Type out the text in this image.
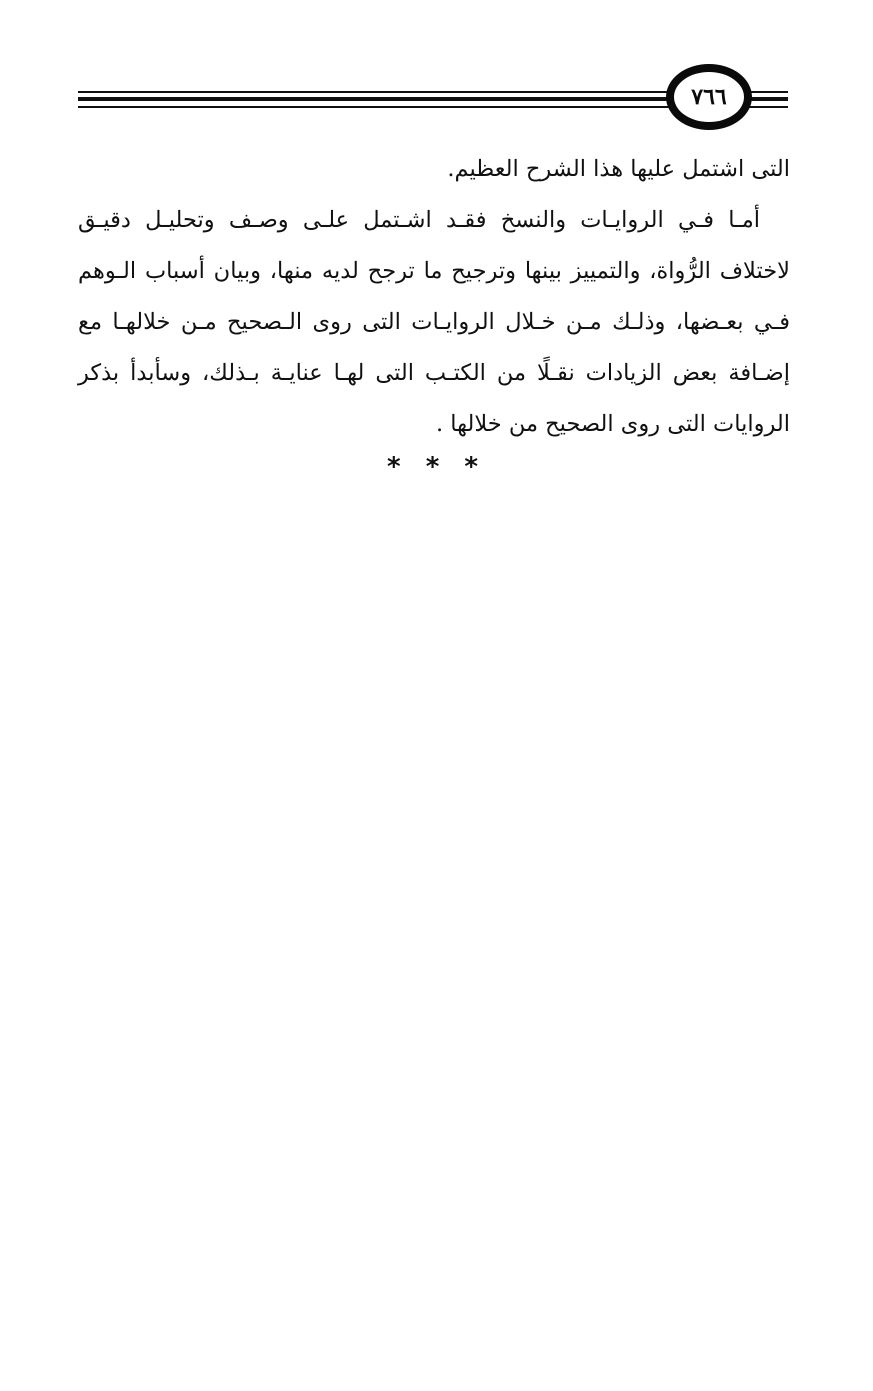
٧٦٦

التى اشتمل عليها هذا الشرح العظيم.

أمـا فـي الروايـات والنسخ فقـد اشـتمل علـى وصـف وتحليـل دقيـق لاختلاف الرُّواة، والتمييز بينها وترجيح ما ترجح لديه منها، وبيان أسباب الـوهم فـي بعـضها، وذلـك مـن خـلال الروايـات التى روى الـصحيح مـن خلالهـا مع إضـافة بعض الزيادات نقـلًا من الكتـب التى لهـا عنايـة بـذلك، وسأبدأ بذكر الروايات التى روى الصحيح من خلالها .

* * *
